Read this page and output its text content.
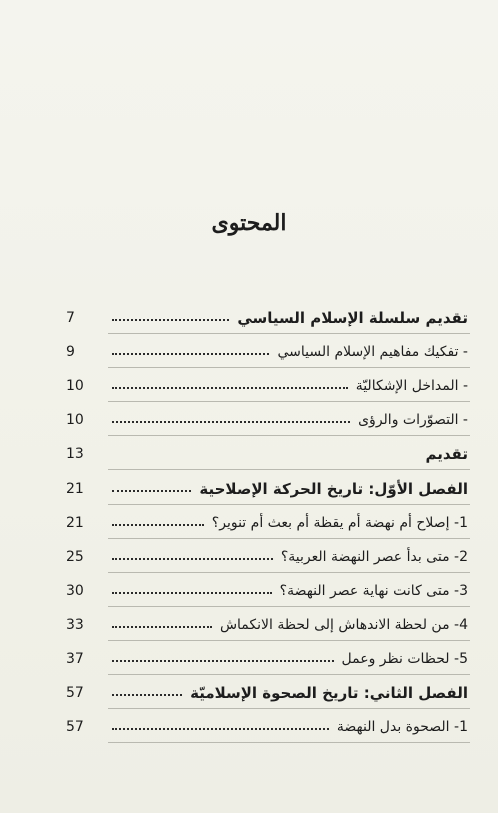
المحتوى
تقديم سلسلة الإسلام السياسي
7
- تفكيك مفاهيم الإسلام السياسي
9
- المداخل الإشكاليّة
10
- التصوّرات والرؤى
10
تقديم
13
الفصل الأوّل: تاريخ الحركة الإصلاحية
21
1- إصلاح أم نهضة أم يقظة أم بعث أم تنوير؟
21
2- متى بدأ عصر النهضة العربية؟
25
3- متى كانت نهاية عصر النهضة؟
30
4- من لحظة الاندهاش إلى لحظة الانكماش
33
5- لحظات نظر وعمل
37
الفصل الثاني: تاريخ الصحوة الإسلاميّة
57
1- الصحوة بدل النهضة
57
